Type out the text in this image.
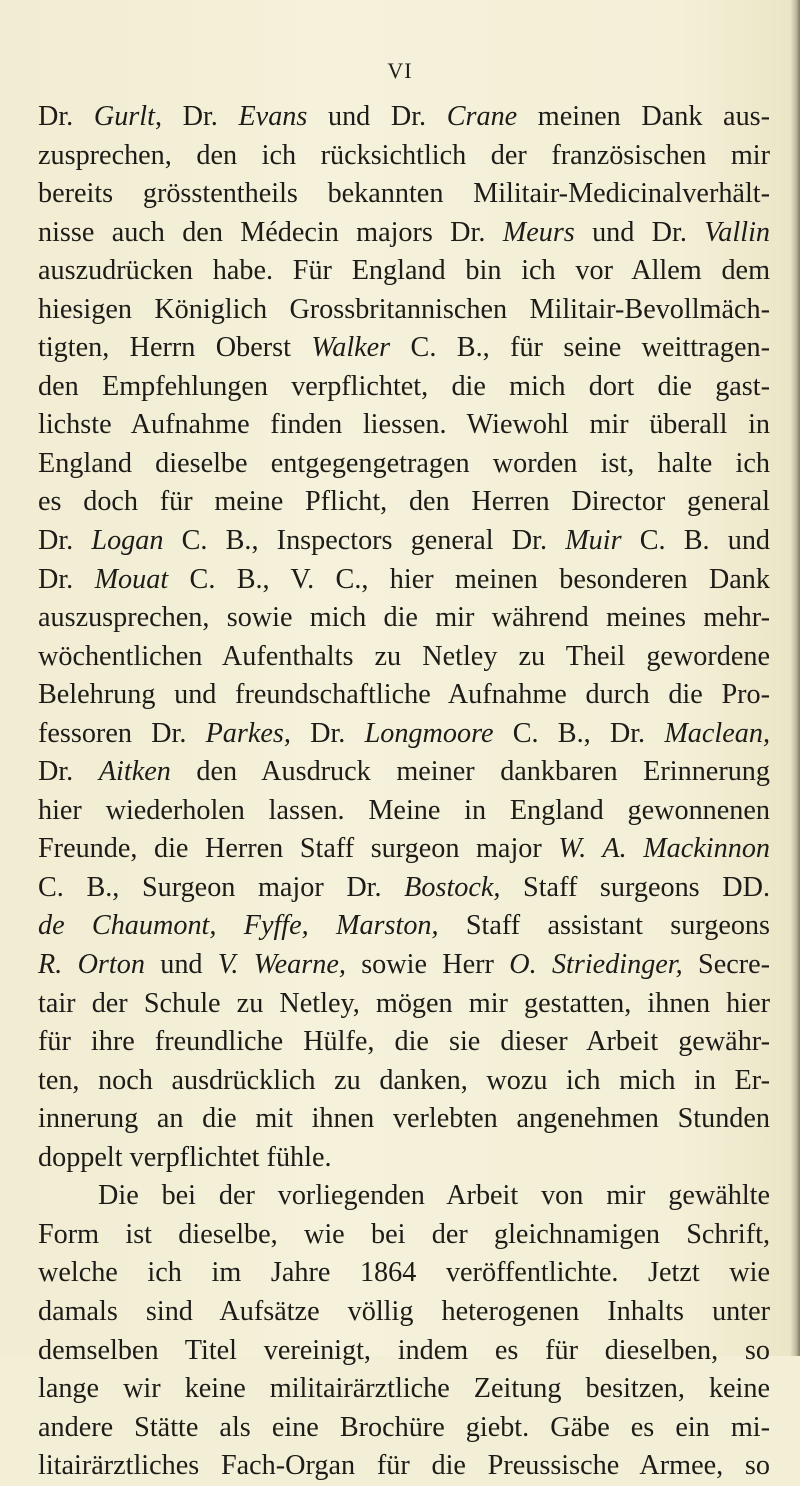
VI
Dr. Gurlt, Dr. Evans und Dr. Crane meinen Dank aus-
zusprechen, den ich rücksichtlich der französischen mir
bereits grösstentheils bekannten Militair-Medicinalverhält-
nisse auch den Médecin majors Dr. Meurs und Dr. Vallin
auszudrücken habe. Für England bin ich vor Allem dem
hiesigen Königlich Grossbritannischen Militair-Bevollmäch-
tigten, Herrn Oberst Walker C. B., für seine weittragen-
den Empfehlungen verpflichtet, die mich dort die gast-
lichste Aufnahme finden liessen. Wiewohl mir überall in
England dieselbe entgegengetragen worden ist, halte ich
es doch für meine Pflicht, den Herren Director general
Dr. Logan C. B., Inspectors general Dr. Muir C. B. und
Dr. Mouat C. B., V. C., hier meinen besonderen Dank
auszusprechen, sowie mich die mir während meines mehr-
wöchentlichen Aufenthalts zu Netley zu Theil gewordene
Belehrung und freundschaftliche Aufnahme durch die Pro-
fessoren Dr. Parkes, Dr. Longmoore C. B., Dr. Maclean,
Dr. Aitken den Ausdruck meiner dankbaren Erinnerung
hier wiederholen lassen. Meine in England gewonnenen
Freunde, die Herren Staff surgeon major W. A. Mackinnon
C. B., Surgeon major Dr. Bostock, Staff surgeons DD.
de Chaumont, Fyffe, Marston, Staff assistant surgeons
R. Orton und V. Wearne, sowie Herr O. Striedinger, Secre-
tair der Schule zu Netley, mögen mir gestatten, ihnen hier
für ihre freundliche Hülfe, die sie dieser Arbeit gewähr-
ten, noch ausdrücklich zu danken, wozu ich mich in Er-
innerung an die mit ihnen verlebten angenehmen Stunden
doppelt verpflichtet fühle.
Die bei der vorliegenden Arbeit von mir gewählte
Form ist dieselbe, wie bei der gleichnamigen Schrift,
welche ich im Jahre 1864 veröffentlichte. Jetzt wie
damals sind Aufsätze völlig heterogenen Inhalts unter
demselben Titel vereinigt, indem es für dieselben, so
lange wir keine militairärztliche Zeitung besitzen, keine
andere Stätte als eine Brochüre giebt. Gäbe es ein mi-
litairärztliches Fach-Organ für die Preussische Armee, so
